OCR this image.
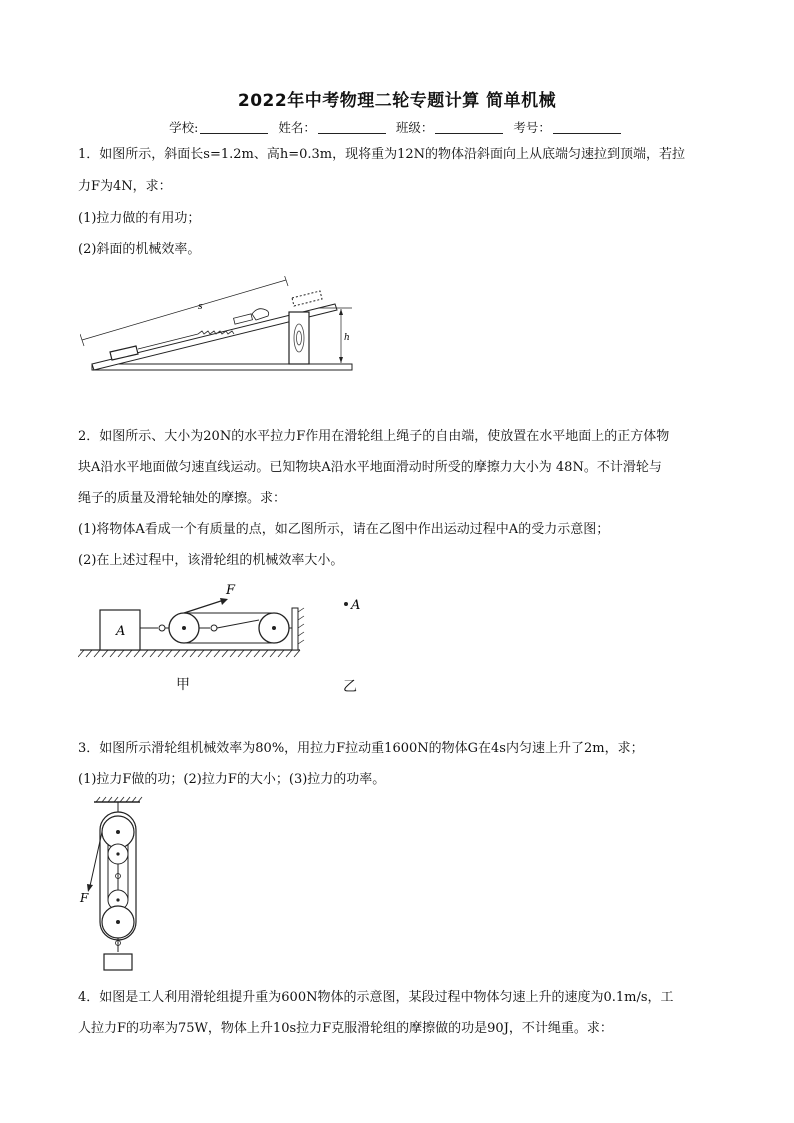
2022年中考物理二轮专题计算 简单机械
学校:	姓名：	班级：	考号：
1．如图所示，斜面长s=1.2m、高h=0.3m，现将重为12N的物体沿斜面向上从底端匀速拉到顶端，若拉
力F为4N，求：
(1)拉力做的有用功；
(2)斜面的机械效率。
s
h
2．如图所示、大小为20N的水平拉力F作用在滑轮组上绳子的自由端，使放置在水平地面上的正方体物
块A沿水平地面做匀速直线运动。已知物块A沿水平地面滑动时所受的摩擦力大小为 48N。不计滑轮与
绳子的质量及滑轮轴处的摩擦。求：
(1)将物体A看成一个有质量的点，如乙图所示，请在乙图中作出运动过程中A的受力示意图；
(2)在上述过程中，该滑轮组的机械效率大小。
A
F
A
甲	乙
3．如图所示滑轮组机械效率为80%，用拉力F拉动重1600N的物体G在4s内匀速上升了2m，求；
(1)拉力F做的功；(2)拉力F的大小；(3)拉力的功率。
F
4．如图是工人利用滑轮组提升重为600N物体的示意图，某段过程中物体匀速上升的速度为0.1m/s，工
人拉力F的功率为75W，物体上升10s拉力F克服滑轮组的摩擦做的功是90J，不计绳重。求：
